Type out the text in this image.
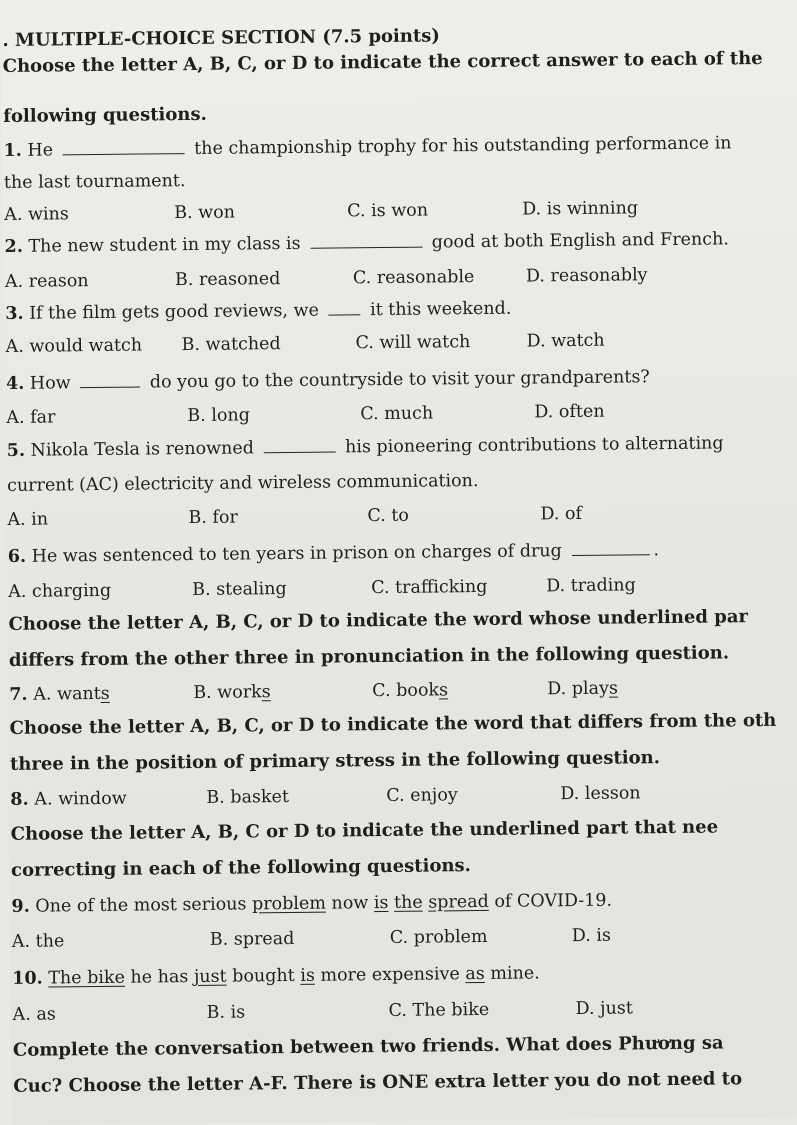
. MULTIPLE-CHOICE SECTION (7.5 points)
Choose the letter A, B, C, or D to indicate the correct answer to each of the
following questions.
1. He	the championship trophy for his outstanding performance in
the last tournament.
A. wins	B. won	C. is won	D. is winning
2. The new student in my class is	good at both English and French.
A. reason	B. reasoned	C. reasonable	D. reasonably
3. If the film gets good reviews, we	it this weekend.
A. would watch B. watched	C. will watch	D. watch
4. How	do you go to the countryside to visit your grandparents?
A. far	B. long	C. much	D. often
5. Nikola Tesla is renowned	his pioneering contributions to alternating
current (AC) electricity and wireless communication.
A. in	B. for	C. to	D. of
6. He was sentenced to ten years in prison on charges of drug	.
A. charging	B. stealing	C. trafficking	D. trading
Choose the letter A, B, C, or D to indicate the word whose underlined par
differs from the other three in pronunciation in the following question.
7. A. wants	B. works	C. books	D. plays
Choose the letter A, B, C, or D to indicate the word that differs from the oth
three in the position of primary stress in the following question.
8. A. window	B. basket	C. enjoy	D. lesson
Choose the letter A, B, C or D to indicate the underlined part that nee
correcting in each of the following questions.
9. One of the most serious problem now is the spread of COVID-19.
A. the	B. spread	C. problem	D. is
10. The bike he has just bought is more expensive as mine.
A. as	B. is	C. The bike	D. just
Complete the conversation between two friends. What does Phương sa
Cuc? Choose the letter A-F. There is ONE extra letter you do not need to
